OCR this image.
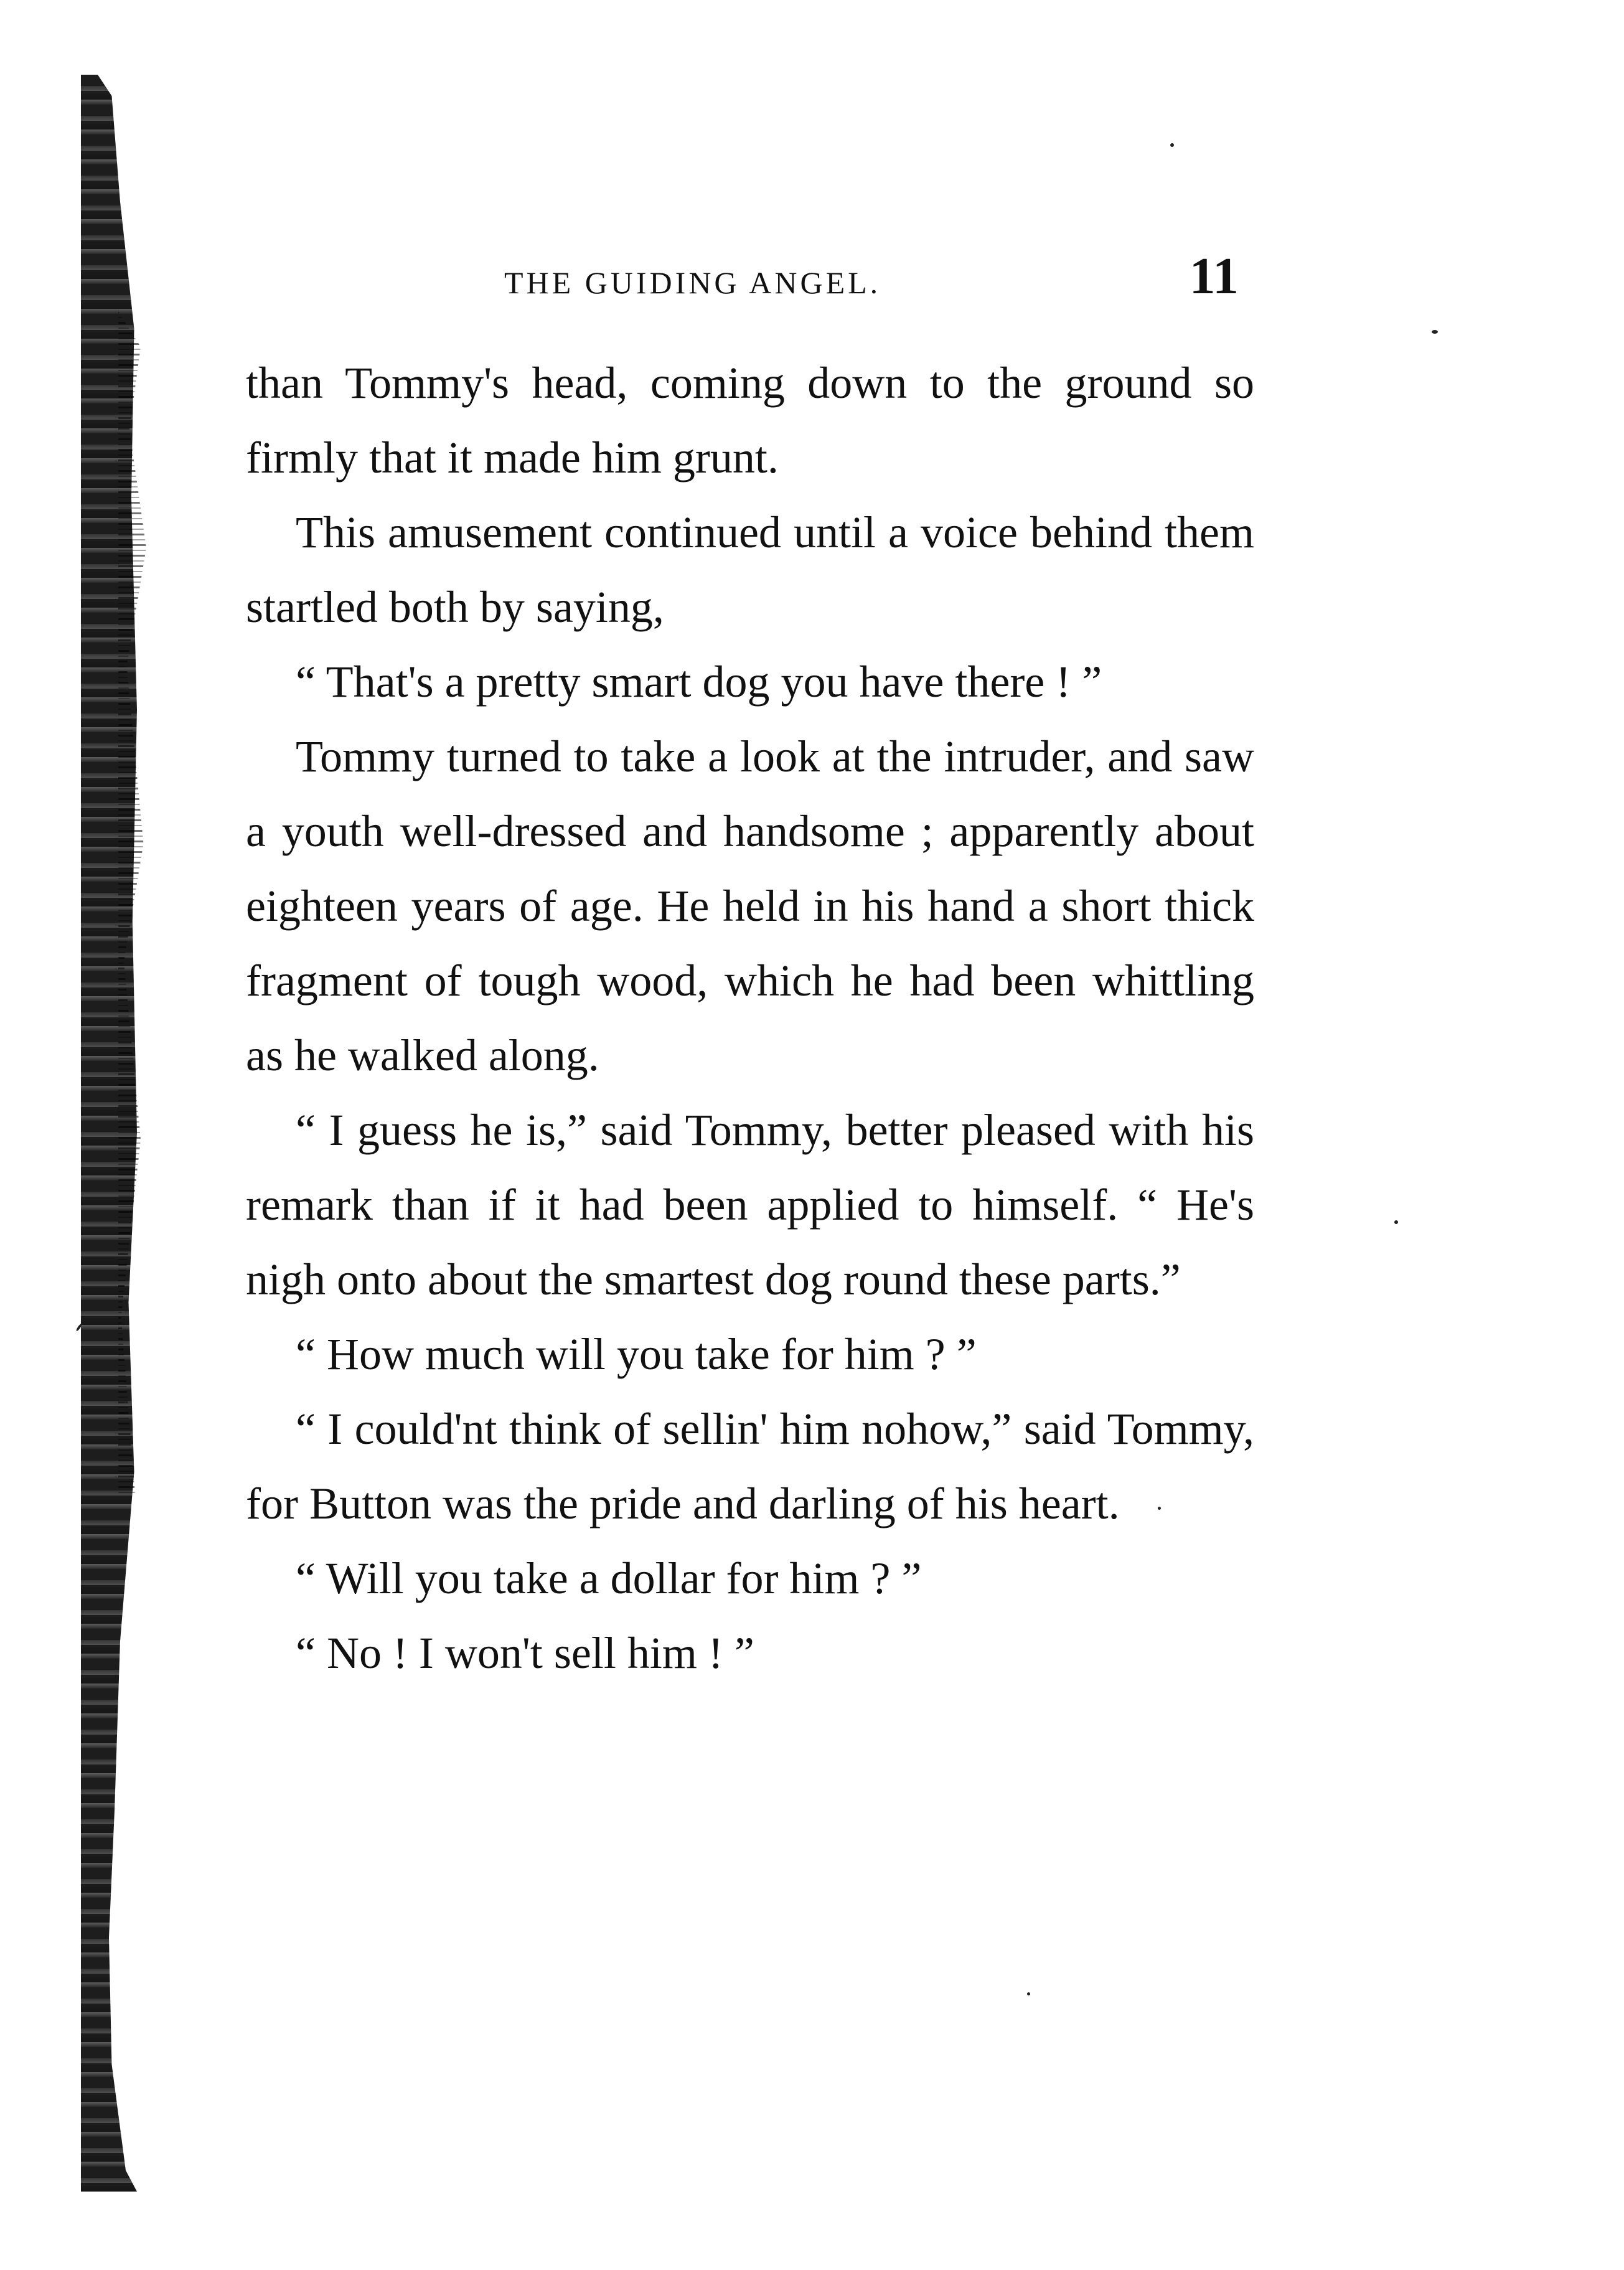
THE GUIDING ANGEL.	11

than Tommy's head, coming down to the ground so firmly that it made him grunt.

This amusement continued until a voice behind them startled both by saying,

“ That's a pretty smart dog you have there ! ”

Tommy turned to take a look at the intruder, and saw a youth well-dressed and handsome ; apparently about eighteen years of age. He held in his hand a short thick fragment of tough wood, which he had been whittling as he walked along.

“ I guess he is,” said Tommy, better pleased with his remark than if it had been applied to himself. “ He's nigh onto about the smartest dog round these parts.”

“ How much will you take for him ? ”

“ I could'nt think of sellin' him nohow,” said Tommy, for Button was the pride and darling of his heart.

“ Will you take a dollar for him ? ”

“ No ! I won't sell him ! ”
